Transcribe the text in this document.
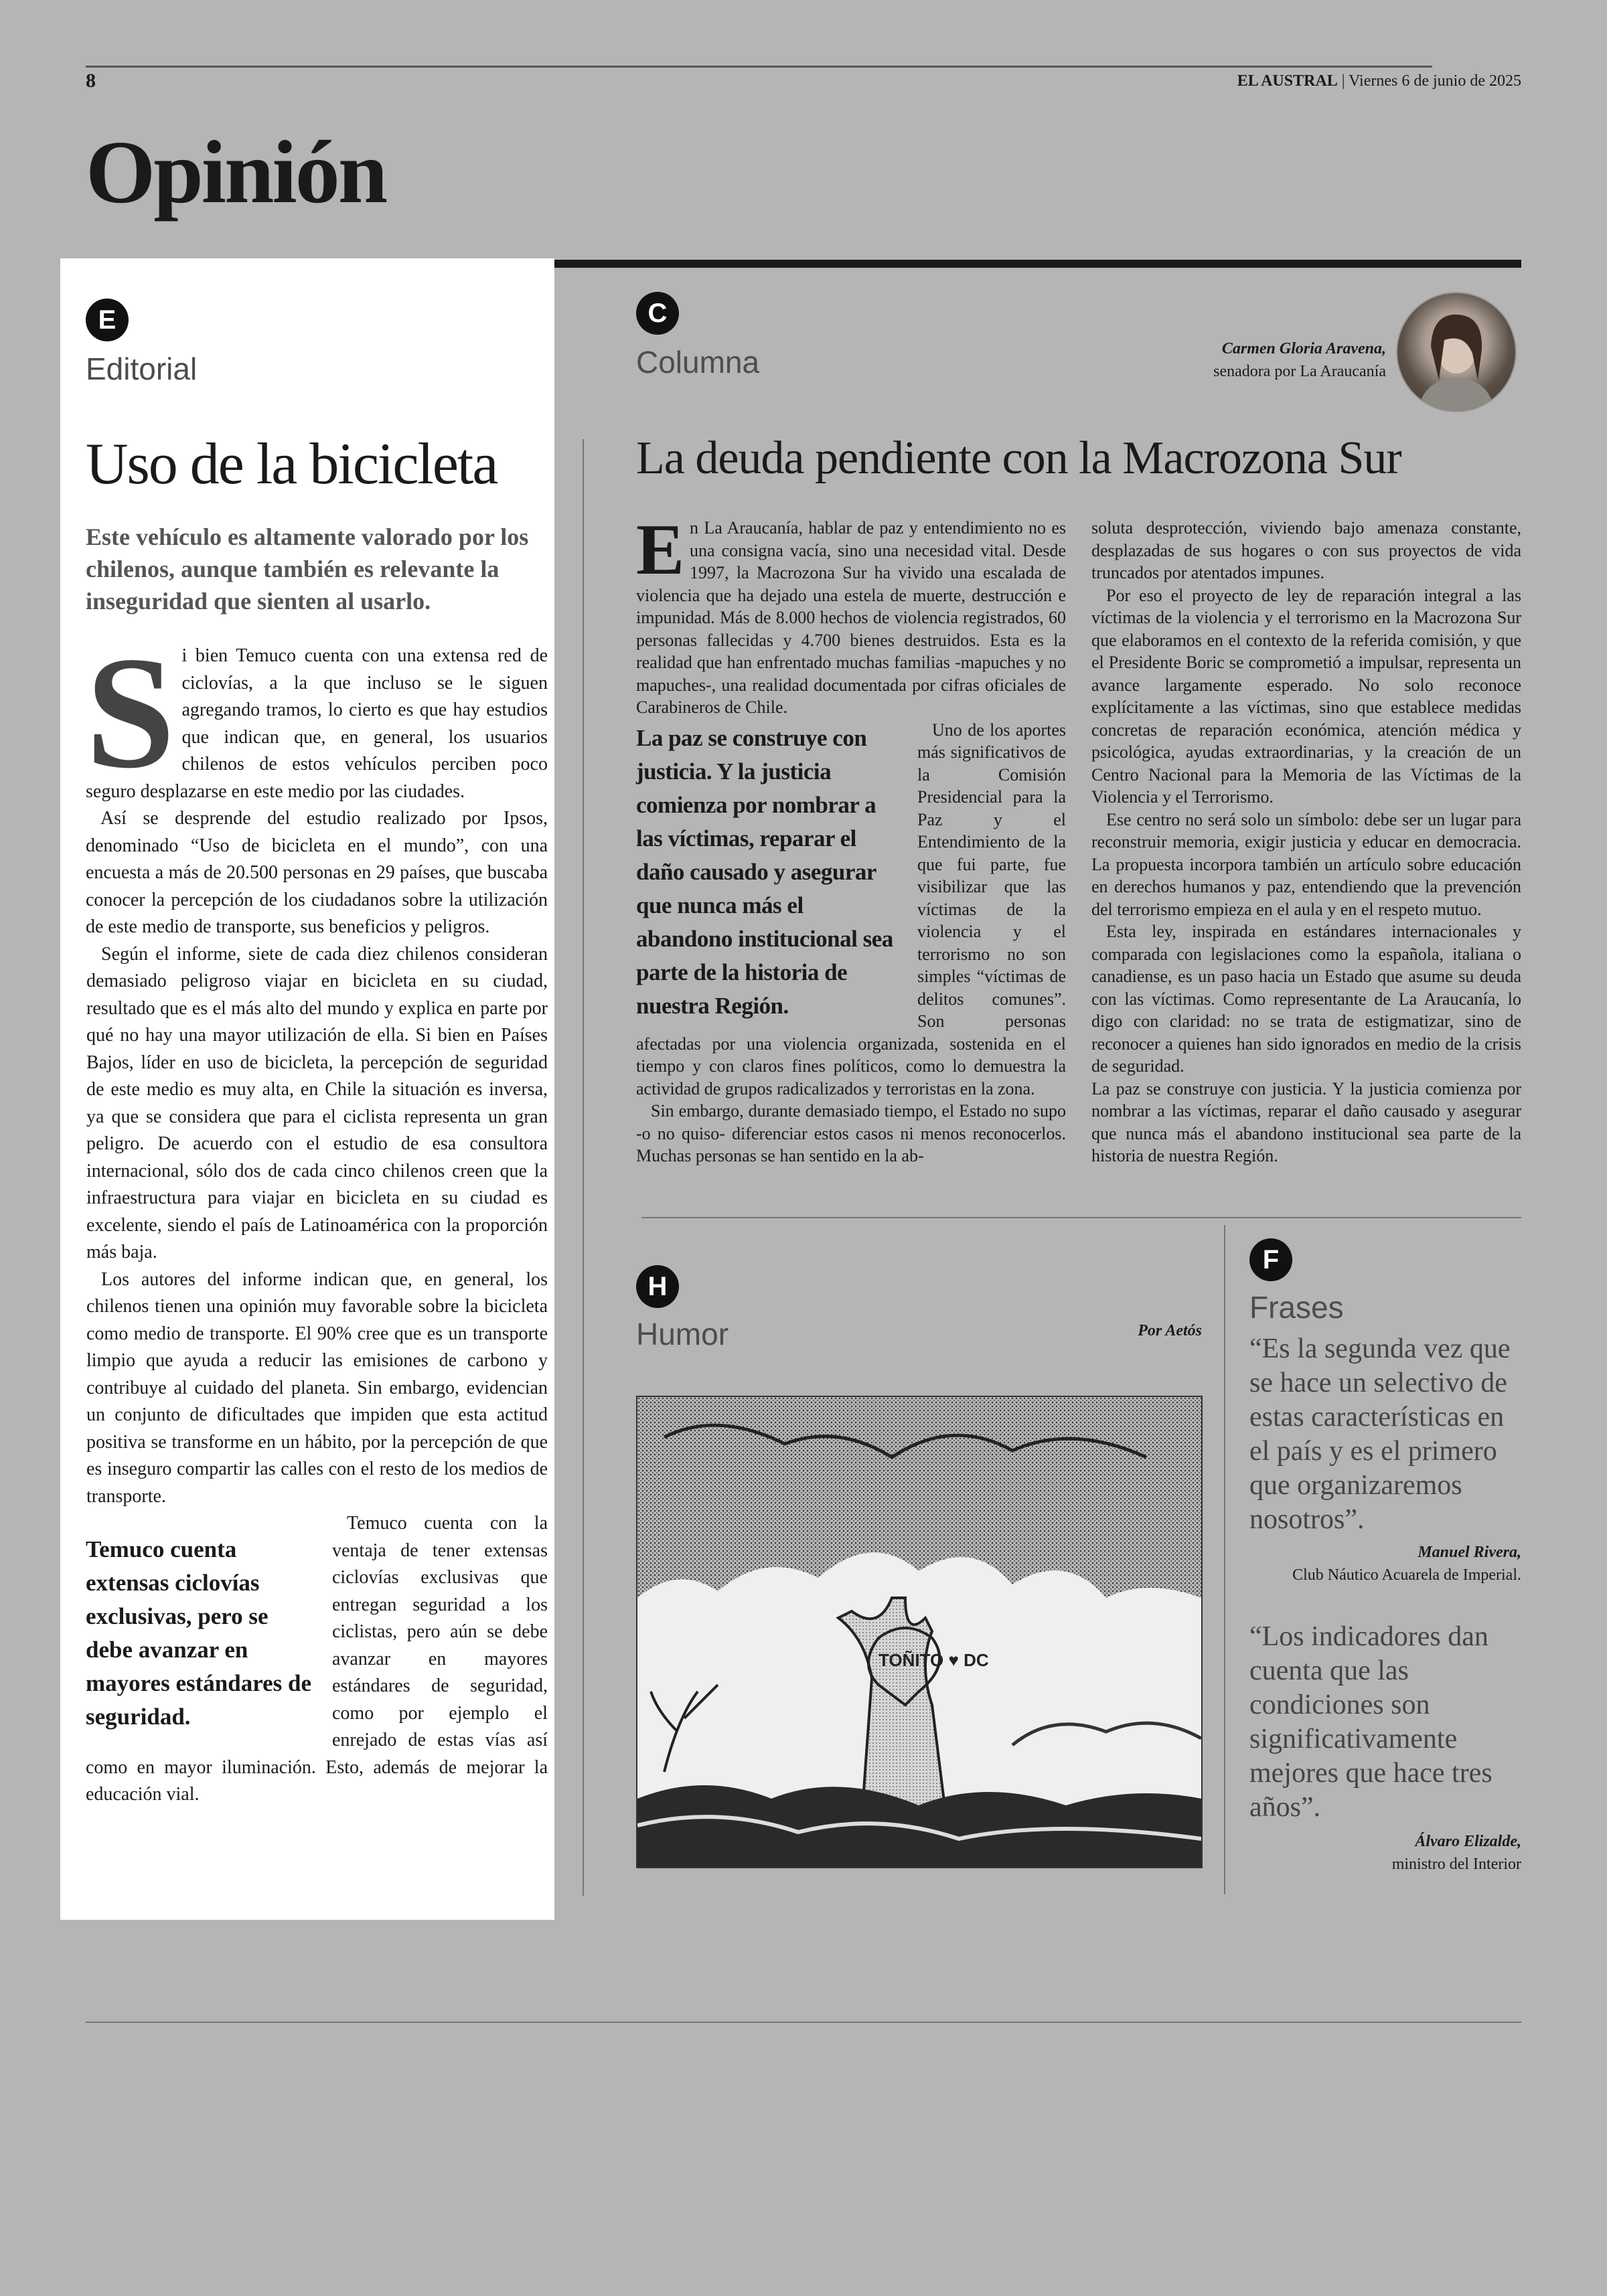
8	EL AUSTRAL | Viernes 6 de junio de 2025
Opinión
E
Editorial
Uso de la bicicleta
Este vehículo es altamente valorado por los chilenos, aunque también es relevante la inseguridad que sienten al usarlo.

Si bien Temuco cuenta con una extensa red de ciclovías, a la que incluso se le siguen agregando tramos, lo cierto es que hay estudios que indican que, en general, los usuarios chilenos de estos vehículos perciben poco seguro desplazarse en este medio por las ciudades.

Así se desprende del estudio realizado por Ipsos, denominado “Uso de bicicleta en el mundo”, con una encuesta a más de 20.500 personas en 29 países, que buscaba conocer la percepción de los ciudadanos sobre la utilización de este medio de transporte, sus beneficios y peligros.

Temuco cuenta extensas ciclovías exclusivas, pero se debe avanzar en mayores estándares de seguridad.

Según el informe, siete de cada diez chilenos consideran demasiado peligroso viajar en bicicleta en su ciudad, resultado que es el más alto del mundo y explica en parte por qué no hay una mayor utilización de ella. Si bien en Países Bajos, líder en uso de bicicleta, la percepción de seguridad de este medio es muy alta, en Chile la situación es inversa, ya que se considera que para el ciclista representa un gran peligro. De acuerdo con el estudio de esa consultora internacional, sólo dos de cada cinco chilenos creen que la infraestructura para viajar en bicicleta en su ciudad es excelente, siendo el país de Latinoamérica con la proporción más baja.

Los autores del informe indican que, en general, los chilenos tienen una opinión muy favorable sobre la bicicleta como medio de transporte. El 90% cree que es un transporte limpio que ayuda a reducir las emisiones de carbono y contribuye al cuidado del planeta. Sin embargo, evidencian un conjunto de dificultades que impiden que esta actitud positiva se transforme en un hábito, por la percepción de que es inseguro compartir las calles con el resto de los medios de transporte.

Temuco cuenta con la ventaja de tener extensas ciclovías exclusivas que entregan seguridad a los ciclistas, pero aún se debe avanzar en mayores estándares de seguridad, como por ejemplo el enrejado de estas vías así como en mayor iluminación. Esto, además de mejorar la educación vial.

C
Columna	Carmen Gloria Aravena,
senadora por La Araucanía
La deuda pendiente con la Macrozona Sur

En La Araucanía, hablar de paz y entendimiento no es una consigna vacía, sino una necesidad vital. Desde 1997, la Macrozona Sur ha vivido una escalada de violencia que ha dejado una estela de muerte, destrucción e impunidad. Más de 8.000 hechos de violencia registrados, 60 personas fallecidas y 4.700 bienes destruidos. Esta es la realidad que han enfrentado muchas familias -mapuches y no mapuches-, una realidad documentada por cifras oficiales de Carabineros de Chile.

La paz se construye con justicia. Y la justicia comienza por nombrar a las víctimas, reparar el daño causado y asegurar que nunca más el abandono institucional sea parte de la historia de nuestra Región.

Uno de los aportes más significativos de la Comisión Presidencial para la Paz y el Entendimiento de la que fui parte, fue visibilizar que las víctimas de la violencia y el terrorismo no son simples “víctimas de delitos comunes”. Son personas afectadas por una violencia organizada, sostenida en el tiempo y con claros fines políticos, como lo demuestra la actividad de grupos radicalizados y terroristas en la zona.

Sin embargo, durante demasiado tiempo, el Estado no supo -o no quiso- diferenciar estos casos ni menos reconocerlos. Muchas personas se han sentido en la ab-

soluta desprotección, viviendo bajo amenaza constante, desplazadas de sus hogares o con sus proyectos de vida truncados por atentados impunes.

Por eso el proyecto de ley de reparación integral a las víctimas de la violencia y el terrorismo en la Macrozona Sur que elaboramos en el contexto de la referida comisión, y que el Presidente Boric se comprometió a impulsar, representa un avance largamente esperado. No solo reconoce explícitamente a las víctimas, sino que establece medidas concretas de reparación económica, atención médica y psicológica, ayudas extraordinarias, y la creación de un Centro Nacional para la Memoria de las Víctimas de la Violencia y el Terrorismo.

Ese centro no será solo un símbolo: debe ser un lugar para reconstruir memoria, exigir justicia y educar en democracia. La propuesta incorpora también un artículo sobre educación en derechos humanos y paz, entendiendo que la prevención del terrorismo empieza en el aula y en el respeto mutuo.

Esta ley, inspirada en estándares internacionales y comparada con legislaciones como la española, italiana o canadiense, es un paso hacia un Estado que asume su deuda con las víctimas. Como representante de La Araucanía, lo digo con claridad: no se trata de estigmatizar, sino de reconocer a quienes han sido ignorados en medio de la crisis de seguridad.

La paz se construye con justicia. Y la justicia comienza por nombrar a las víctimas, reparar el daño causado y asegurar que nunca más el abandono institucional sea parte de la historia de nuestra Región.

H
Humor	Por Aetós
TOÑITO ♥ DC
F
Frases
“Es la segunda vez que se hace un selectivo de estas características en el país y es el primero que organizaremos nosotros”.
Manuel Rivera,
Club Náutico Acuarela de Imperial.
“Los indicadores dan cuenta que las condiciones son significativamente mejores que hace tres años”.
Álvaro Elizalde,
ministro del Interior
